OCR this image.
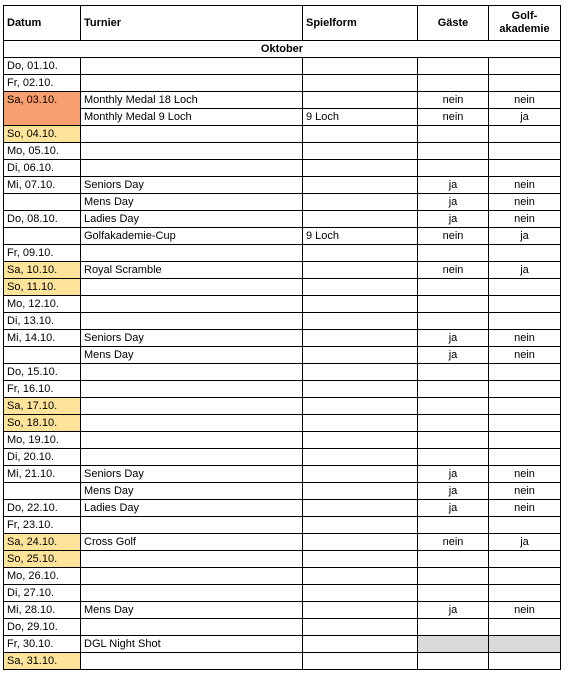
Datum	Turnier	Spielform	Gäste	Golf-
akademie
Oktober				
Do, 01.10.				
Fr, 02.10.				
Sa, 03.10.	Monthly Medal 18 Loch		nein	nein
	Monthly Medal 9 Loch	9 Loch	nein	ja
So, 04.10.				
Mo, 05.10.				
Di, 06.10.				
Mi, 07.10.	Seniors Day		ja	nein
	Mens Day		ja	nein
Do, 08.10.	Ladies Day		ja	nein
	Golfakademie-Cup	9 Loch	nein	ja
Fr, 09.10.				
Sa, 10.10.	Royal Scramble		nein	ja
So, 11.10.				
Mo, 12.10.				
Di, 13.10.				
Mi, 14.10.	Seniors Day		ja	nein
	Mens Day		ja	nein
Do, 15.10.				
Fr, 16.10.				
Sa, 17.10.				
So, 18.10.				
Mo, 19.10.				
Di, 20.10.				
Mi, 21.10.	Seniors Day		ja	nein
	Mens Day		ja	nein
Do, 22.10.	Ladies Day		ja	nein
Fr, 23.10.				
Sa, 24.10.	Cross Golf		nein	ja
So, 25.10.				
Mo, 26.10.				
Di, 27.10.				
Mi, 28.10.	Mens Day		ja	nein
Do, 29.10.				
Fr, 30.10.	DGL Night Shot			
Sa, 31.10.				
